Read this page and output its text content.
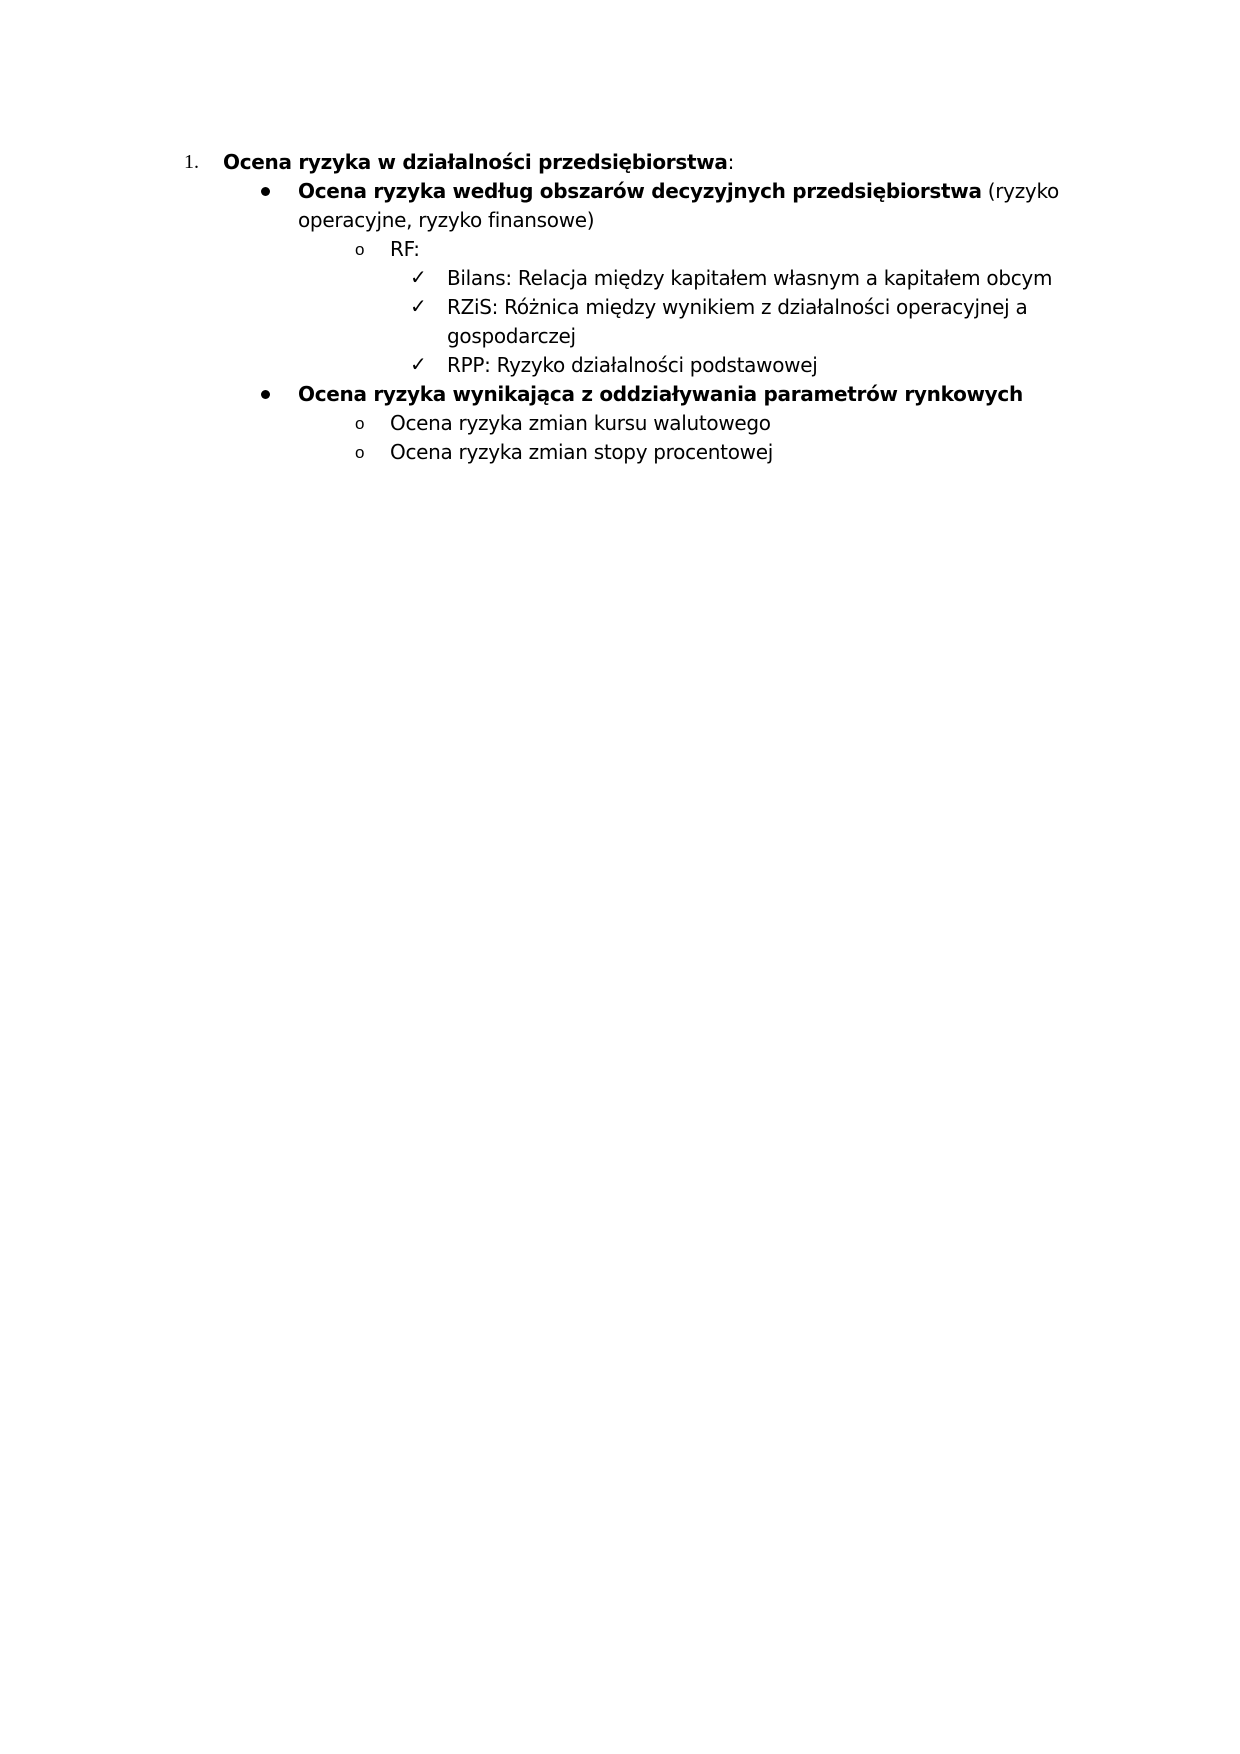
1. Ocena ryzyka w działalności przedsiębiorstwa:
Ocena ryzyka według obszarów decyzyjnych przedsiębiorstwa (ryzyko
operacyjne, ryzyko finansowe)
o RF:
✓ Bilans: Relacja między kapitałem własnym a kapitałem obcym
✓ RZiS: Różnica między wynikiem z działalności operacyjnej a
gospodarczej
✓ RPP: Ryzyko działalności podstawowej
Ocena ryzyka wynikająca z oddziaływania parametrów rynkowych
o Ocena ryzyka zmian kursu walutowego
o Ocena ryzyka zmian stopy procentowej
